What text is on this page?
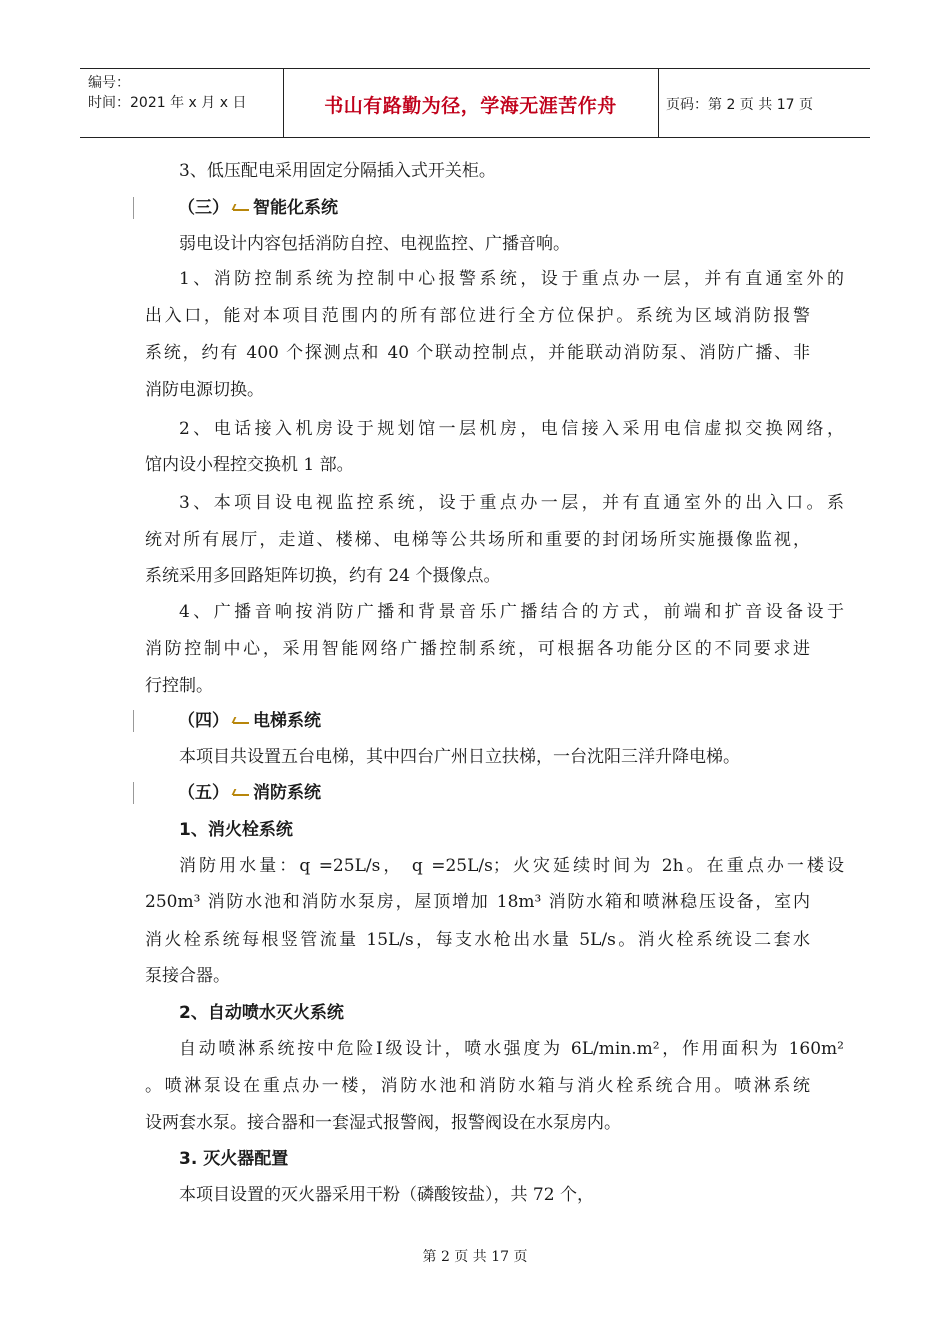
编号：
时间：2021 年 x 月 x 日	书山有路勤为径，学海无涯苦作舟	页码：第 2 页 共 17 页
3、低压配电采用固定分隔插入式开关柜。
弱电设计内容包括消防自控、电视监控、广播音响。
1、消防控制系统为控制中心报警系统，设于重点办一层，并有直通室外的
出入口，能对本项目范围内的所有部位进行全方位保护。系统为区域消防报警
系统，约有 400 个探测点和 40 个联动控制点，并能联动消防泵、消防广播、非
消防电源切换。
2、电话接入机房设于规划馆一层机房，电信接入采用电信虚拟交换网络，
馆内设小程控交换机 1 部。
3、本项目设电视监控系统，设于重点办一层，并有直通室外的出入口。系
统对所有展厅，走道、楼梯、电梯等公共场所和重要的封闭场所实施摄像监视，
系统采用多回路矩阵切换，约有 24 个摄像点。
4、广播音响按消防广播和背景音乐广播结合的方式，前端和扩音设备设于
消防控制中心，采用智能网络广播控制系统，可根据各功能分区的不同要求进
行控制。
本项目共设置五台电梯，其中四台广州日立扶梯，一台沈阳三洋升降电梯。
1、消火栓系统
消防用水量：q =25L/s， q =25L/s；火灾延续时间为 2h。在重点办一楼设
250m³ 消防水池和消防水泵房，屋顶增加 18m³ 消防水箱和喷淋稳压设备，室内
消火栓系统每根竖管流量 15L/s，每支水枪出水量 5L/s。消火栓系统设二套水
泵接合器。
2、自动喷水灭火系统
自动喷淋系统按中危险Ⅰ级设计，喷水强度为 6L/min.m²，作用面积为 160m²
。喷淋泵设在重点办一楼，消防水池和消防水箱与消火栓系统合用。喷淋系统
设两套水泵。接合器和一套湿式报警阀，报警阀设在水泵房内。
3. 灭火器配置
本项目设置的灭火器采用干粉（磷酸铵盐），共 72 个，
（三） 智能化系统
（四） 电梯系统
（五） 消防系统
第 2 页 共 17 页
